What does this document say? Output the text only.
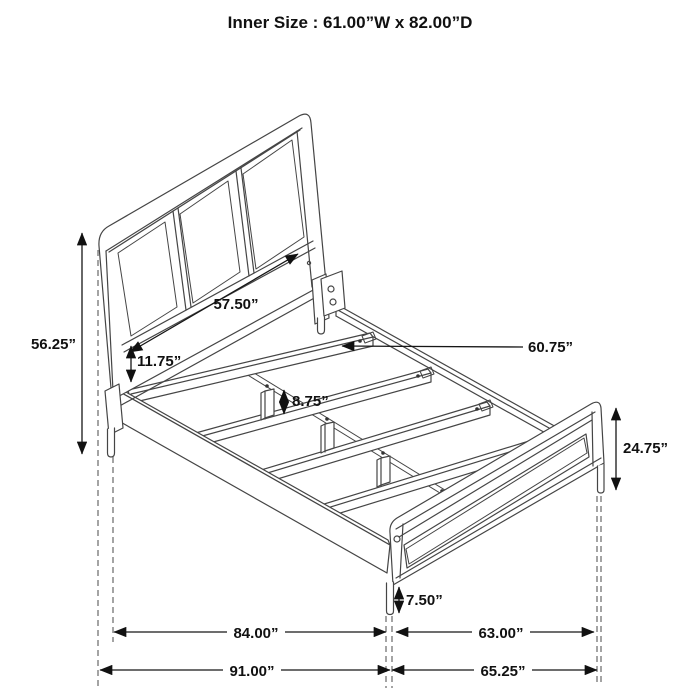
Inner Size : 61.00”W x 82.00”D
56.25”
11.75”
57.50”
60.75”
8.75”
24.75”
7.50”
84.00”	63.00”
91.00”	65.25”
